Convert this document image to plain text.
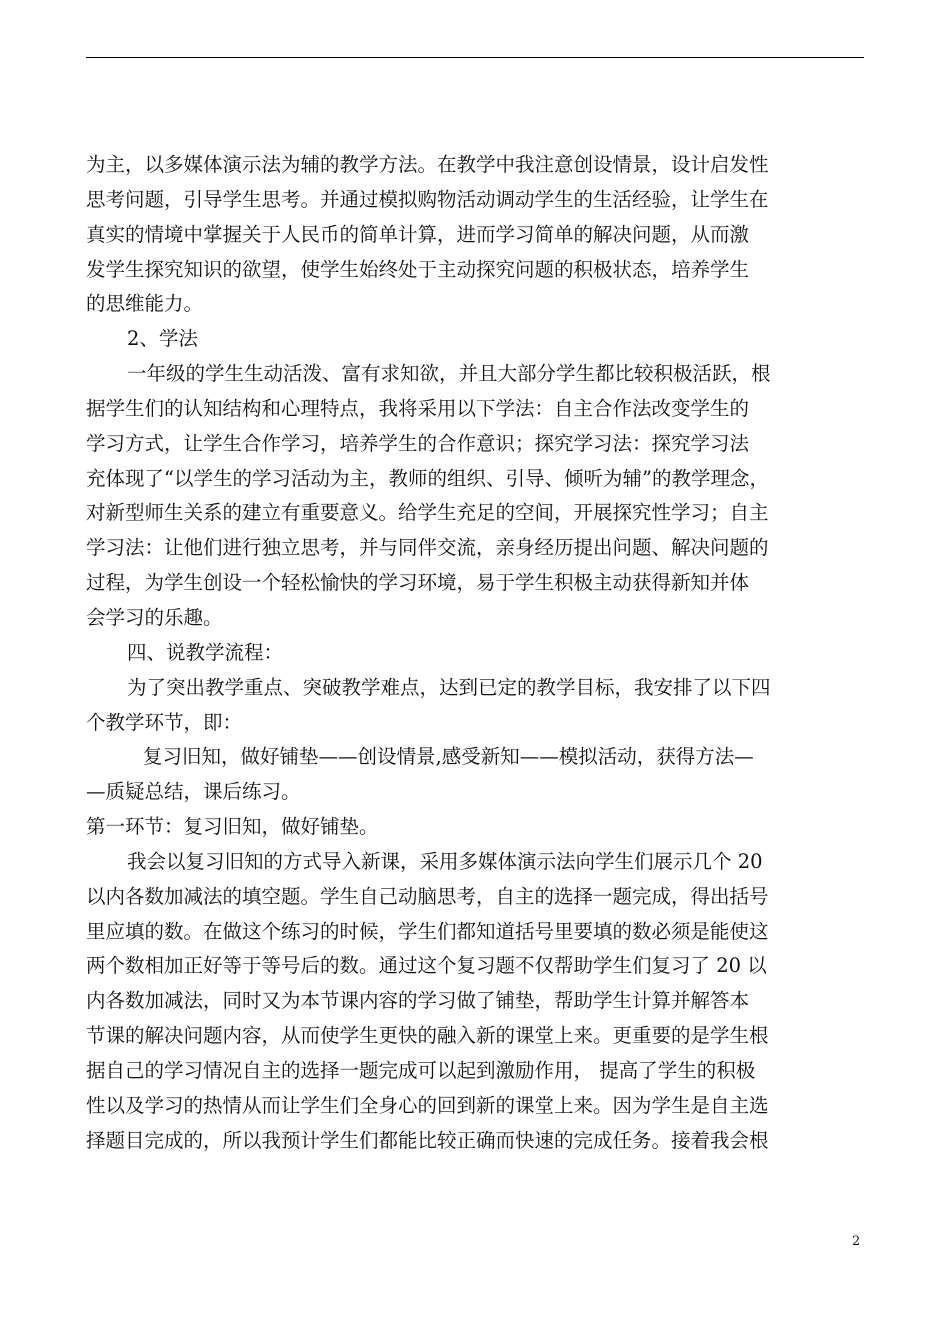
为主，以多媒体演示法为辅的教学方法。在教学中我注意创设情景，设计启发性
思考问题，引导学生思考。并通过模拟购物活动调动学生的生活经验，让学生在
真实的情境中掌握关于人民币的简单计算，进而学习简单的解决问题，从而激
发学生探究知识的欲望，使学生始终处于主动探究问题的积极状态，培养学生
的思维能力。
2、学法
一年级的学生生动活泼、富有求知欲，并且大部分学生都比较积极活跃，根
据学生们的认知结构和心理特点，我将采用以下学法：自主合作法改变学生的
学习方式，让学生合作学习，培养学生的合作意识；探究学习法：探究学习法
充体现了“以学生的学习活动为主，教师的组织、引导、倾听为辅”的教学理念，
对新型师生关系的建立有重要意义。给学生充足的空间，开展探究性学习；自主
学习法：让他们进行独立思考，并与同伴交流，亲身经历提出问题、解决问题的
过程，为学生创设一个轻松愉快的学习环境，易于学生积极主动获得新知并体
会学习的乐趣。
四、说教学流程：
为了突出教学重点、突破教学难点，达到已定的教学目标，我安排了以下四
个教学环节，即：
复习旧知，做好铺垫——创设情景,感受新知——模拟活动，获得方法—
—质疑总结，课后练习。
第一环节：复习旧知，做好铺垫。
我会以复习旧知的方式导入新课，采用多媒体演示法向学生们展示几个 20
以内各数加减法的填空题。学生自己动脑思考，自主的选择一题完成，得出括号
里应填的数。在做这个练习的时候，学生们都知道括号里要填的数必须是能使这
两个数相加正好等于等号后的数。通过这个复习题不仅帮助学生们复习了 20 以
内各数加减法，同时又为本节课内容的学习做了铺垫，帮助学生计算并解答本
节课的解决问题内容，从而使学生更快的融入新的课堂上来。更重要的是学生根
据自己的学习情况自主的选择一题完成可以起到激励作用， 提高了学生的积极
性以及学习的热情从而让学生们全身心的回到新的课堂上来。因为学生是自主选
择题目完成的，所以我预计学生们都能比较正确而快速的完成任务。接着我会根
2
